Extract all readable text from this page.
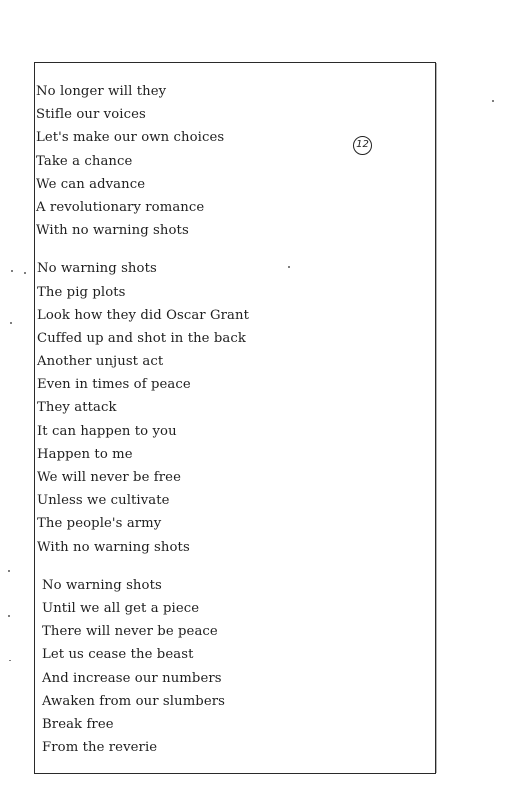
12
No longer will they
Stifle our voices
Let's make our own choices
Take a chance
We can advance
A revolutionary romance
With no warning shots
No warning shots
The pig plots
Look how they did Oscar Grant
Cuffed up and shot in the back
Another unjust act
Even in times of peace
They attack
It can happen to you
Happen to me
We will never be free
Unless we cultivate
The people's army
With no warning shots
No warning shots
Until we all get a piece
There will never be peace
Let us cease the beast
And increase our numbers
Awaken from our slumbers
Break free
From the reverie
